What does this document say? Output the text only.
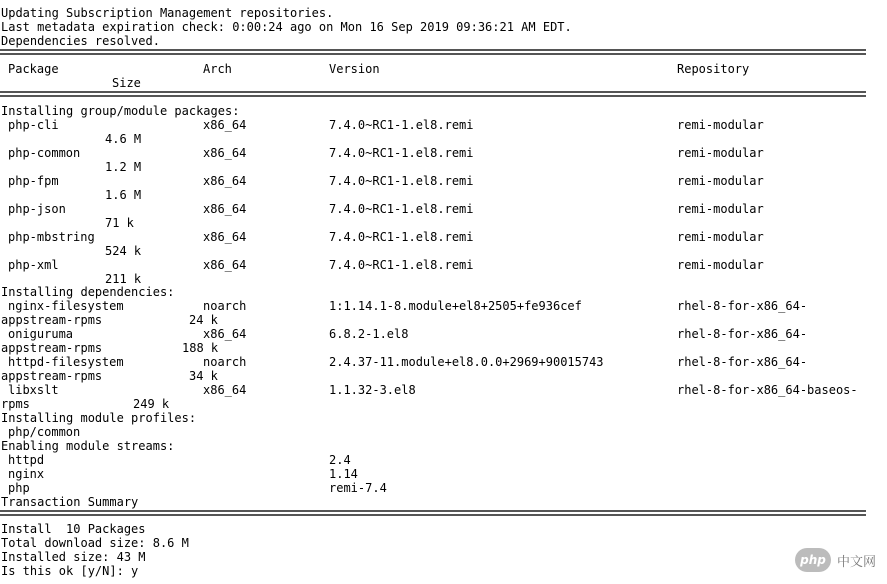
Updating Subscription Management repositories.
Last metadata expiration check: 0:00:24 ago on Mon 16 Sep 2019 09:36:21 AM EDT.
Dependencies resolved.
Package	Arch	Version	Repository
Size
Installing group/module packages:
php-cli	x86_64	7.4.0~RC1-1.el8.remi	remi-modular
4.6 M
php-common	x86_64	7.4.0~RC1-1.el8.remi	remi-modular
1.2 M
php-fpm	x86_64	7.4.0~RC1-1.el8.remi	remi-modular
1.6 M
php-json	x86_64	7.4.0~RC1-1.el8.remi	remi-modular
71 k
php-mbstring	x86_64	7.4.0~RC1-1.el8.remi	remi-modular
524 k
php-xml	x86_64	7.4.0~RC1-1.el8.remi	remi-modular
211 k
Installing dependencies:
nginx-filesystem	noarch	1:1.14.1-8.module+el8+2505+fe936cef	rhel-8-for-x86_64-
appstream-rpms	24 k
oniguruma	x86_64	6.8.2-1.el8	rhel-8-for-x86_64-
appstream-rpms	188 k
httpd-filesystem	noarch	2.4.37-11.module+el8.0.0+2969+90015743	rhel-8-for-x86_64-
appstream-rpms	34 k
libxslt	x86_64	1.1.32-3.el8	rhel-8-for-x86_64-baseos-
rpms	249 k
Installing module profiles:
php/common
Enabling module streams:
httpd	2.4
nginx	1.14
php	remi-7.4
Transaction Summary
Install  10 Packages
Total download size: 8.6 M
Installed size: 43 M
Is this ok [y/N]: y
php 中文网
